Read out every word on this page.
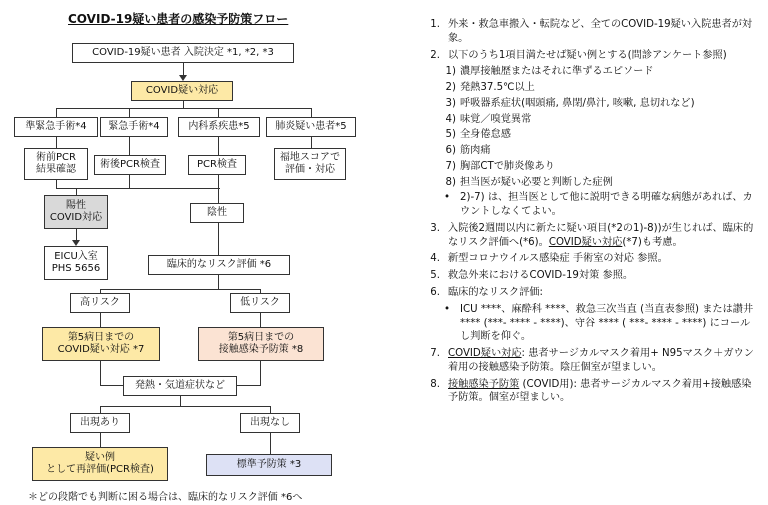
COVID-19疑い患者の感染予防策フロー
COVID-19疑い患者 入院決定 *1, *2, *3
COVID疑い対応
準緊急手術*4 緊急手術*4	内科系疾患*5	肺炎疑い患者*5
術前PCR
結果確認 術後PCR検査	PCR検査
福地スコアで
評価・対応
陽性
COVID対応	陰性
EICU入室
PHS 5656	臨床的なリスク評価 *6
高リスク	低リスク
第5病日までの
COVID疑い対応 *7
第5病日までの
接触感染予防策 *8
発熱・気道症状など
出現あり	出現なし
疑い例
として再評価(PCR検査)	標準予防策 *3
＊どの段階でも判断に困る場合は、臨床的なリスク評価 *6へ
1. 外来・救急車搬入・転院など、全てのCOVID-19疑い入院患者が対象。
2. 以下のうち1項目満たせば疑い例とする(問診アンケート参照)
1) 濃厚接触歴またはそれに準ずるエピソード
2) 発熱37.5℃以上
3) 呼吸器系症状(咽頭痛, 鼻閉/鼻汁, 咳嗽, 息切れなど)
4) 味覚／嗅覚異常
5) 全身倦怠感
6) 筋肉痛
7) 胸部CTで肺炎像あり
8) 担当医が疑い必要と判断した症例
• 2)-7) は、担当医として他に説明できる明確な病態があれば、カウントしなくてよい。
3. 入院後2週間以内に新たに疑い項目(*2の1)-8))が生じれば、臨床的なリスク評価へ(*6)。COVID疑い対応(*7)も考慮。
4. 新型コロナウイルス感染症 手術室の対応 参照。
5. 救急外来におけるCOVID-19対策 参照。
6. 臨床的なリスク評価:
• ICU ****、麻酔科 ****、救急三次当直 (当直表参照) または讃井 **** (***- **** - ****)、守谷 **** ( ***- **** - ****) にコールし判断を仰ぐ。
7. COVID疑い対応: 患者サージカルマスク着用+ N95マスク＋ガウン着用の接触感染予防策。陰圧個室が望ましい。
8. 接触感染予防策 (COVID用): 患者サージカルマスク着用+接触感染予防策。個室が望ましい。
